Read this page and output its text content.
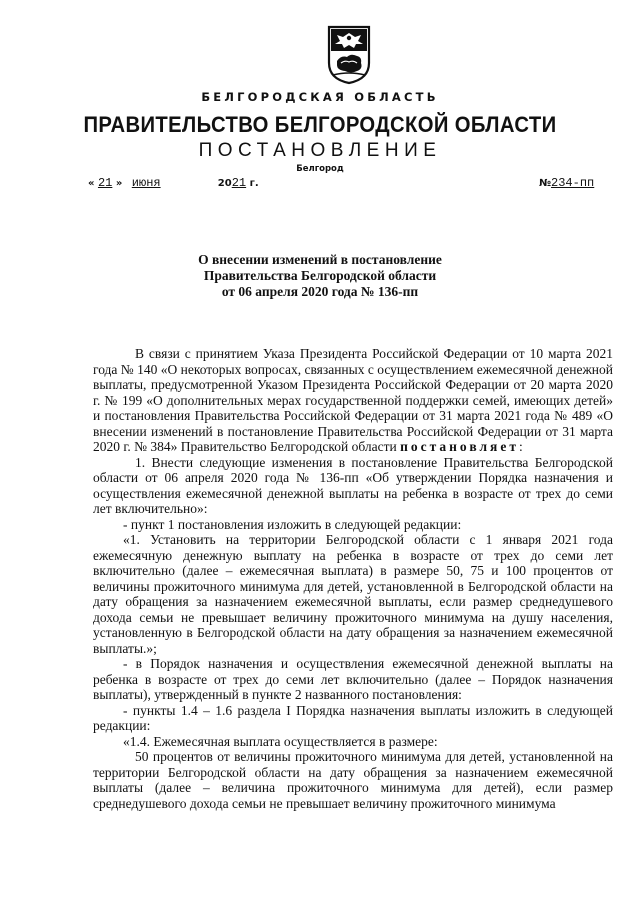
БЕЛГОРОДСКАЯ ОБЛАСТЬ
ПРАВИТЕЛЬСТВО БЕЛГОРОДСКОЙ ОБЛАСТИ
ПОСТАНОВЛЕНИЕ
Белгород
« 21 » июня	2021 г.	№234-пп
О внесении изменений в постановление
Правительства Белгородской области
от 06 апреля 2020 года № 136-пп

В связи с принятием Указа Президента Российской Федерации от 10 марта 2021 года № 140 «О некоторых вопросах, связанных с осуществлением ежемесячной денежной выплаты, предусмотренной Указом Президента Российской Федерации от 20 марта 2020 г. № 199 «О дополнительных мерах государственной поддержки семей, имеющих детей» и постановления Правительства Российской Федерации от 31 марта 2021 года № 489 «О внесении изменений в постановление Правительства Российской Федерации от 31 марта 2020 г. № 384» Правительство Белгородской области постановляет:

1. Внести следующие изменения в постановление Правительства Белгородской области от 06 апреля 2020 года № 136-пп «Об утверждении Порядка назначения и осуществления ежемесячной денежной выплаты на ребенка в возрасте от трех до семи лет включительно»:

- пункт 1 постановления изложить в следующей редакции:

«1. Установить на территории Белгородской области с 1 января 2021 года ежемесячную денежную выплату на ребенка в возрасте от трех до семи лет включительно (далее – ежемесячная выплата) в размере 50, 75 и 100 процентов от величины прожиточного минимума для детей, установленной в Белгородской области на дату обращения за назначением ежемесячной выплаты, если размер среднедушевого дохода семьи не превышает величину прожиточного минимума на душу населения, установленную в Белгородской области на дату обращения за назначением ежемесячной выплаты.»;

- в Порядок назначения и осуществления ежемесячной денежной выплаты на ребенка в возрасте от трех до семи лет включительно (далее – Порядок назначения выплаты), утвержденный в пункте 2 названного постановления:

- пункты 1.4 – 1.6 раздела I Порядка назначения выплаты изложить в следующей редакции:

«1.4. Ежемесячная выплата осуществляется в размере:

50 процентов от величины прожиточного минимума для детей, установленной на территории Белгородской области на дату обращения за назначением ежемесячной выплаты (далее – величина прожиточного минимума для детей), если размер среднедушевого дохода семьи не превышает величину прожиточного минимума
